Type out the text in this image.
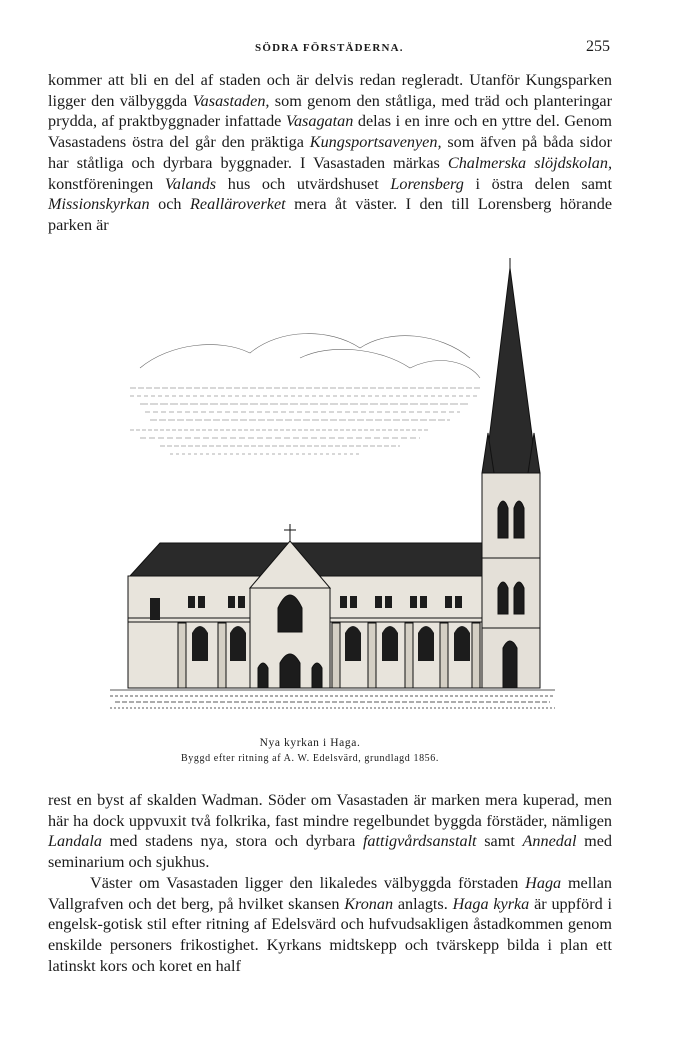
SÖDRA FÖRSTÄDERNA.	255

kommer att bli en del af staden och är delvis redan regleradt. Utanför Kungsparken ligger den välbyggda Vasastaden, som genom den ståtliga, med träd och planteringar prydda, af praktbyggnader infattade Vasagatan delas i en inre och en yttre del. Genom Vasastadens östra del går den präktiga Kungsportsavenyen, som äfven på båda sidor har ståtliga och dyrbara byggnader. I Vasastaden märkas Chalmerska slöjdskolan, konstföreningen Valands hus och utvärdshuset Lorensberg i östra delen samt Missionskyrkan och Realläroverket mera åt väster. I den till Lorensberg hörande parken är

Nya kyrkan i Haga.
Byggd efter ritning af A. W. Edelsvärd, grundlagd 1856.

rest en byst af skalden Wadman. Söder om Vasastaden är marken mera kuperad, men här ha dock uppvuxit två folkrika, fast mindre regelbundet byggda förstäder, nämligen Landala med stadens nya, stora och dyrbara fattigvårdsanstalt samt Annedal med seminarium och sjukhus.

Väster om Vasastaden ligger den likaledes välbyggda förstaden Haga mellan Vallgrafven och det berg, på hvilket skansen Kronan anlagts. Haga kyrka är uppförd i engelsk-gotisk stil efter ritning af Edelsvärd och hufvudsakligen åstadkommen genom enskilde personers frikostighet. Kyrkans midtskepp och tvärskepp bilda i plan ett latinskt kors och koret en half
